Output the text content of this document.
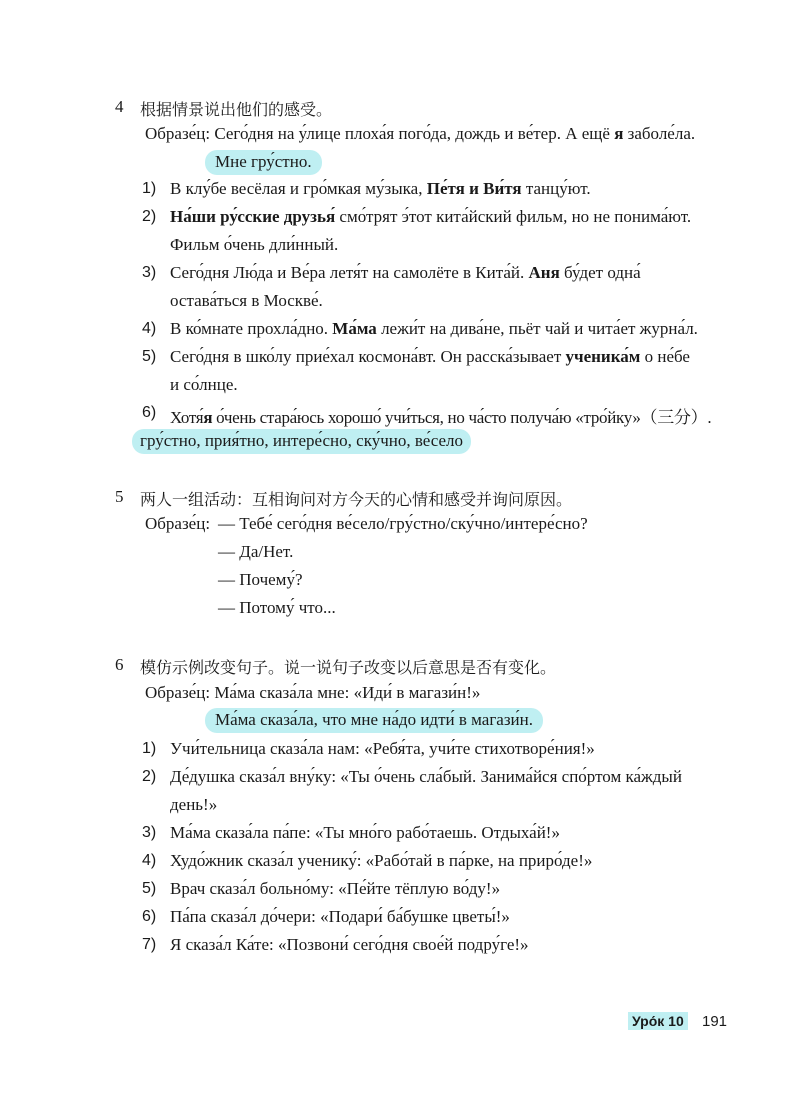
4 根据情景说出他们的感受。
Образе́ц: Сего́дня на у́лице плоха́я пого́да, дождь и ве́тер. А ещё я заболе́ла.
Мне гру́стно.
1) В клу́бе весёлая и гро́мкая му́зыка, Пе́тя и Ви́тя танцу́ют.
2) На́ши ру́сские друзья́ смо́трят э́тот кита́йский фильм, но не понима́ют.
Фильм о́чень дли́нный.
3) Сего́дня Лю́да и Ве́ра летя́т на самолёте в Кита́й. Аня бу́дет одна́
остава́ться в Москве́.
4) В ко́мнате прохла́дно. Ма́ма лежи́т на дива́не, пьёт чай и чита́ет журна́л.
5) Сего́дня в шко́лу прие́хал космона́вт. Он расска́зывает ученика́м о не́бе
и со́лнце.
6) Хотя́я о́чень стара́юсь хорошо́ учи́ться, но ча́сто получа́ю «тро́йку»（三分）.
гру́стно, прия́тно, интере́сно, ску́чно, ве́село
5 两人一组活动：互相询问对方今天的心情和感受并询问原因。
Образе́ц: — Тебе́ сего́дня ве́село/гру́стно/ску́чно/интере́сно?
— Да/Нет.
— Почему́?
— Потому́ что...
6 模仿示例改变句子。说一说句子改变以后意思是否有变化。
Образе́ц: Ма́ма сказа́ла мне: «Иди́ в магази́н!»
Ма́ма сказа́ла, что мне на́до идти́ в магази́н.
1) Учи́тельница сказа́ла нам: «Ребя́та, учи́те стихотворе́ния!»
2) Де́душка сказа́л вну́ку: «Ты о́чень сла́бый. Занима́йся спо́ртом ка́ждый
день!»
3) Ма́ма сказа́ла па́пе: «Ты мно́го рабо́таешь. Отдыха́й!»
4) Худо́жник сказа́л ученику́: «Рабо́тай в па́рке, на приро́де!»
5) Врач сказа́л больно́му: «Пе́йте тёплую во́ду!»
6) Па́па сказа́л до́чери: «Подари́ ба́бушке цветы́!»
7) Я сказа́л Ка́те: «Позвони́ сего́дня свое́й подру́ге!»
Уро́к 10 191
